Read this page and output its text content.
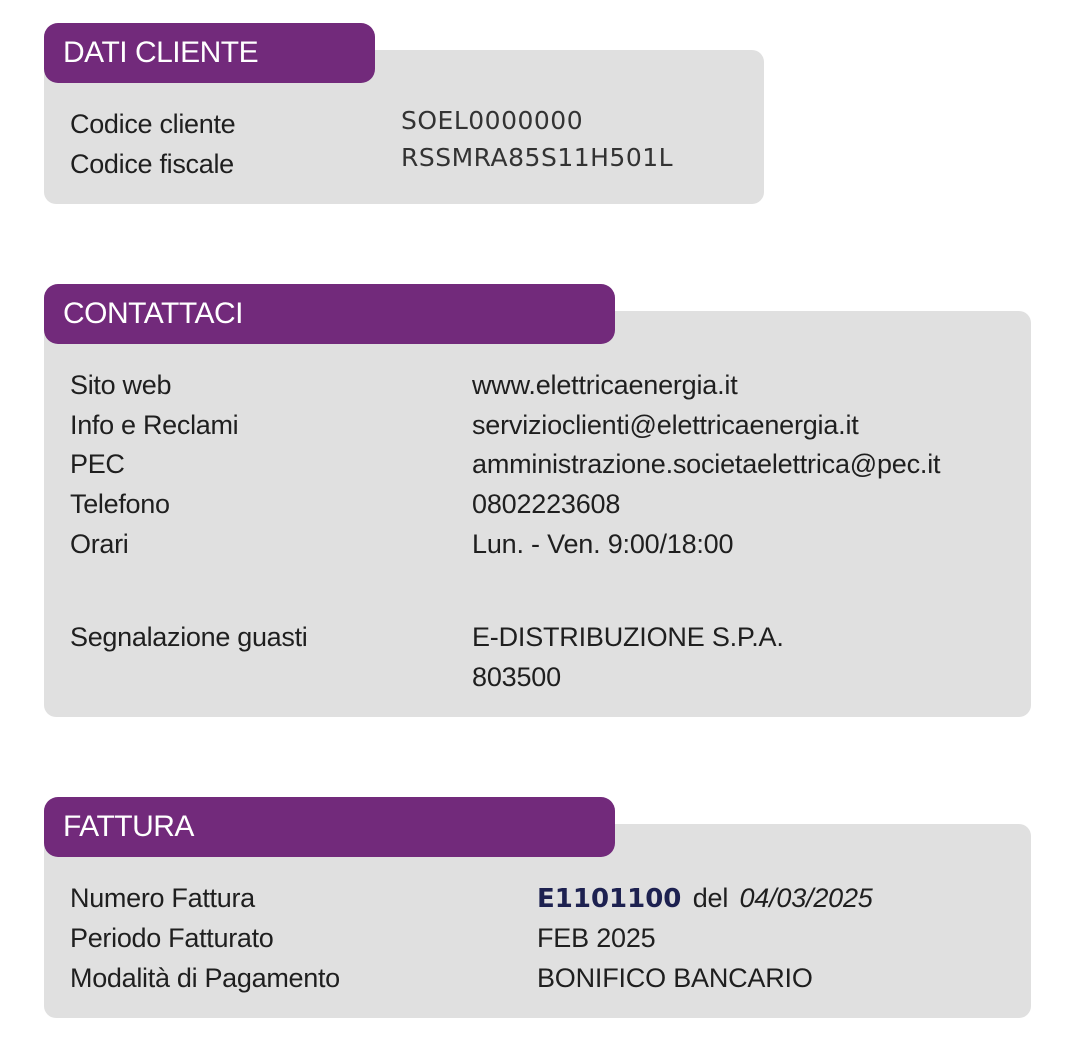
DATI CLIENTE
Codice cliente	SOEL0000000
Codice fiscale	RSSMRA85S11H501L
CONTATTACI
Sito web	www.elettricaenergia.it
Info e Reclami	servizioclienti@elettricaenergia.it
PEC	amministrazione.societaelettrica@pec.it
Telefono	0802223608
Orari	Lun. - Ven. 9:00/18:00
Segnalazione guasti	E-DISTRIBUZIONE S.P.A.
803500
FATTURA
Numero Fattura	E1101100 del 04/03/2025
Periodo Fatturato	FEB 2025
Modalità di Pagamento	BONIFICO BANCARIO
